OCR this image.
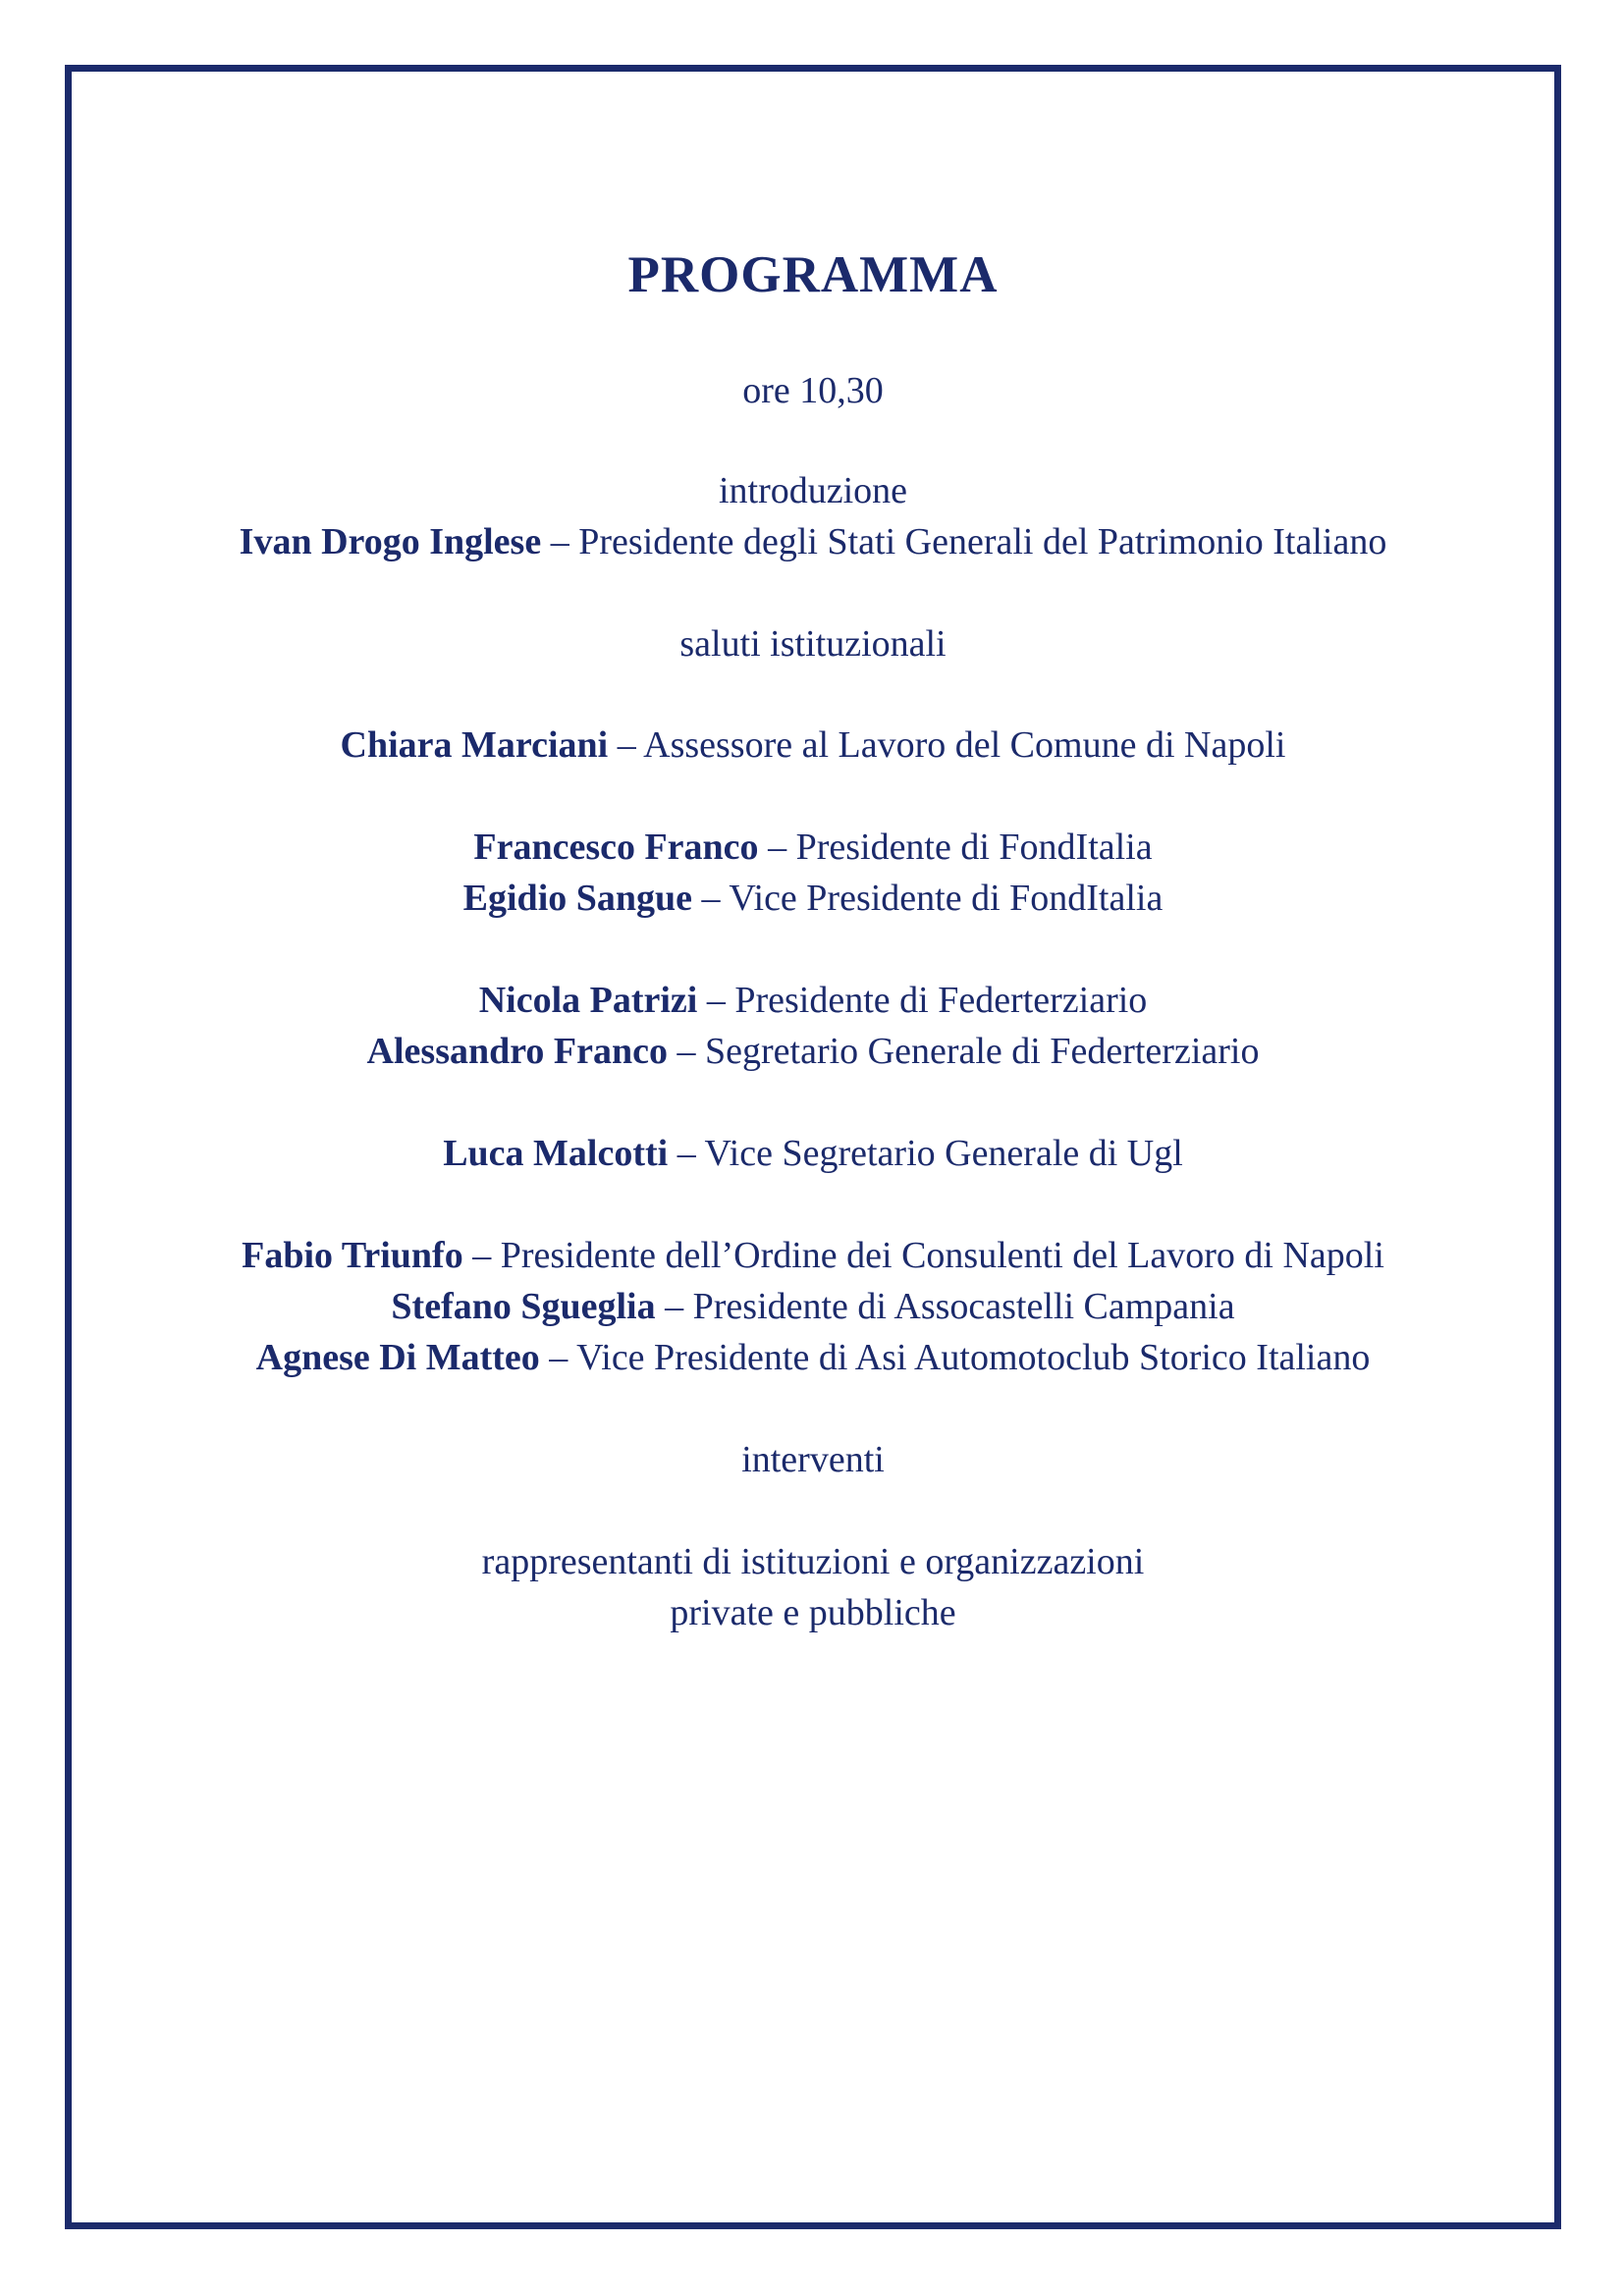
PROGRAMMA
ore 10,30
introduzione
Ivan Drogo Inglese – Presidente degli Stati Generali del Patrimonio Italiano
saluti istituzionali
Chiara Marciani – Assessore al Lavoro del Comune di Napoli
Francesco Franco – Presidente di FondItalia
Egidio Sangue – Vice Presidente di FondItalia
Nicola Patrizi – Presidente di Federterziario
Alessandro Franco – Segretario Generale di Federterziario
Luca Malcotti – Vice Segretario Generale di Ugl
Fabio Triunfo – Presidente dell’Ordine dei Consulenti del Lavoro di Napoli
Stefano Sgueglia – Presidente di Assocastelli Campania
Agnese Di Matteo – Vice Presidente di Asi Automotoclub Storico Italiano
interventi
rappresentanti di istituzioni e organizzazioni
private e pubbliche
